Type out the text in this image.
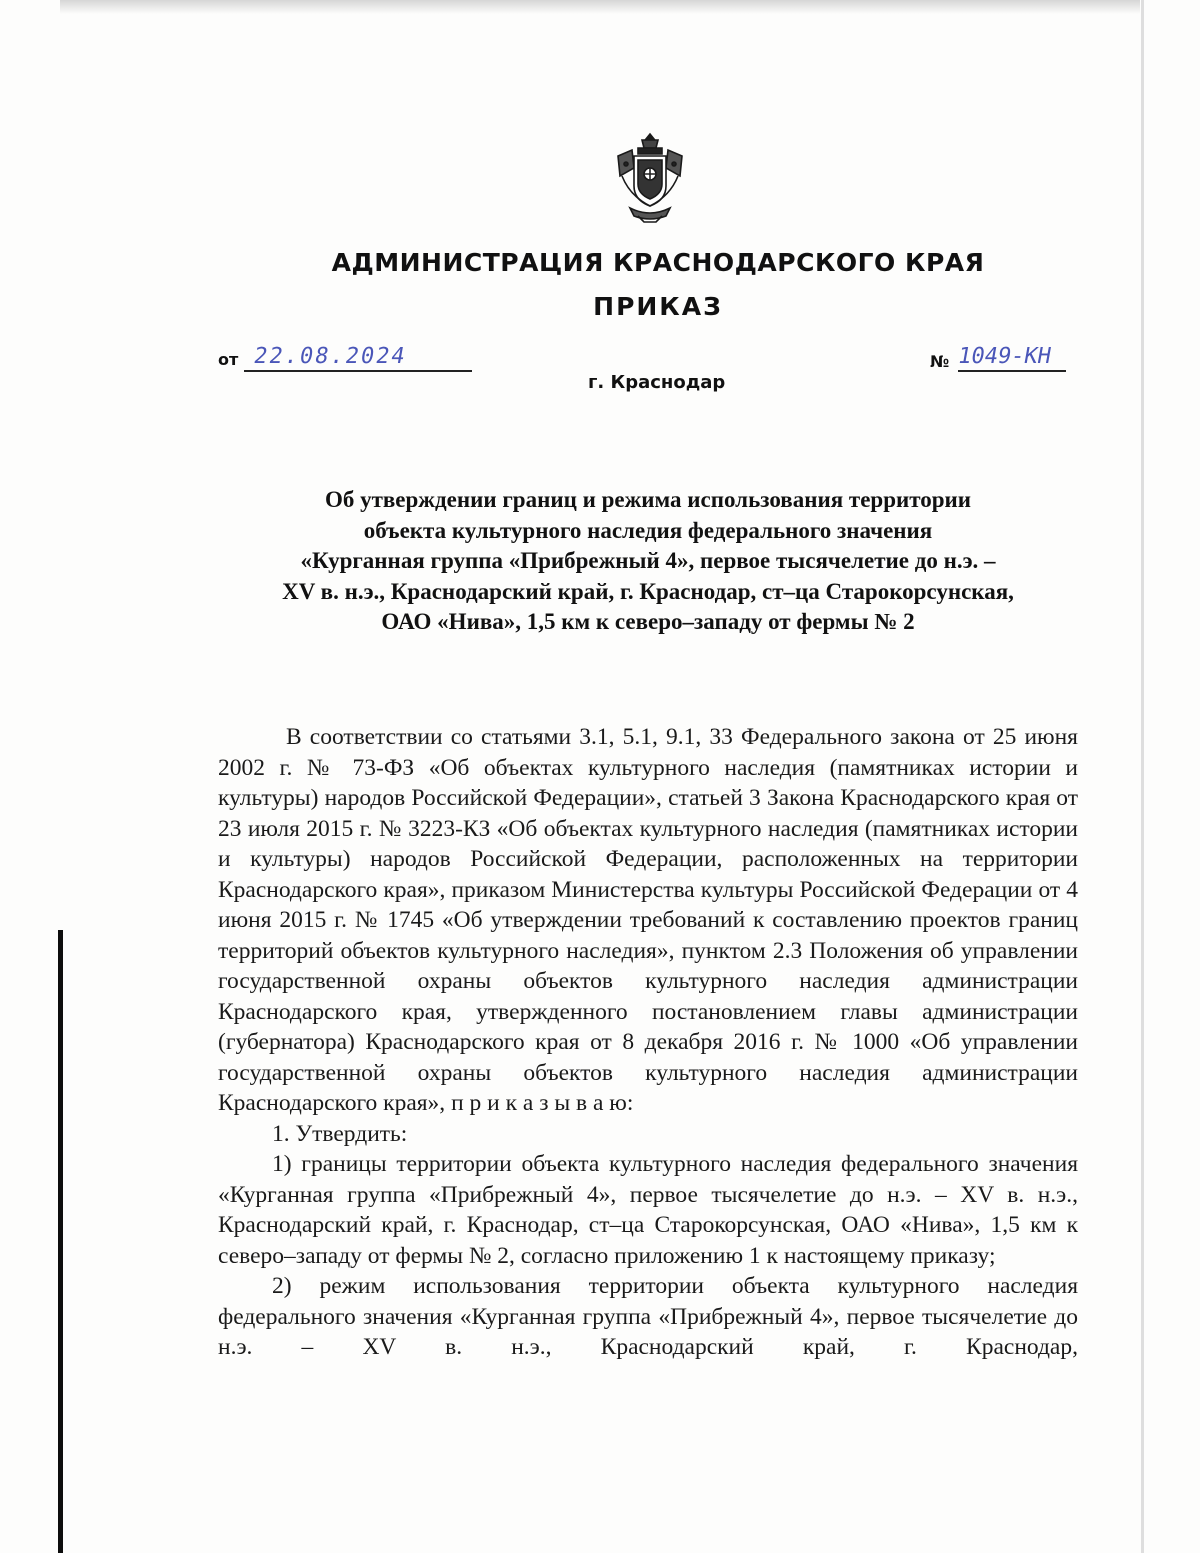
АДМИНИСТРАЦИЯ КРАСНОДАРСКОГО КРАЯ
ПРИКАЗ
от 22.08.2024	№ 1049-КН
г. Краснодар
Об утверждении границ и режима использования территории
объекта культурного наследия федерального значения
«Курганная группа «Прибрежный 4», первое тысячелетие до н.э. –
XV в. н.э., Краснодарский край, г. Краснодар, ст–ца Старокорсунская,
ОАО «Нива», 1,5 км к северо–западу от фермы № 2

В соответствии со статьями 3.1, 5.1, 9.1, 33 Федерального закона от 25 июня 2002 г. № 73-ФЗ «Об объектах культурного наследия (памятниках истории и культуры) народов Российской Федерации», статьей 3 Закона Краснодарского края от 23 июля 2015 г. № 3223-КЗ «Об объектах культурного наследия (памятниках истории и культуры) народов Российской Федерации, расположенных на территории Краснодарского края», приказом Министерства культуры Российской Федерации от 4 июня 2015 г. № 1745 «Об утверждении требований к составлению проектов границ территорий объектов культурного наследия», пунктом 2.3 Положения об управлении государственной охраны объектов культурного наследия администрации Краснодарского края, утвержденного постановлением главы администрации (губернатора) Краснодарского края от 8 декабря 2016 г. № 1000 «Об управлении государственной охраны объектов культурного наследия администрации Краснодарского края», п р и к а з ы в а ю:

1. Утвердить:

1) границы территории объекта культурного наследия федерального значения «Курганная группа «Прибрежный 4», первое тысячелетие до н.э. – XV в. н.э., Краснодарский край, г. Краснодар, ст–ца Старокорсунская, ОАО «Нива», 1,5 км к северо–западу от фермы № 2, согласно приложению 1 к настоящему приказу;

2) режим использования территории объекта культурного наследия федерального значения «Курганная группа «Прибрежный 4», первое тысячелетие до н.э. – XV в. н.э., Краснодарский край, г. Краснодар,
